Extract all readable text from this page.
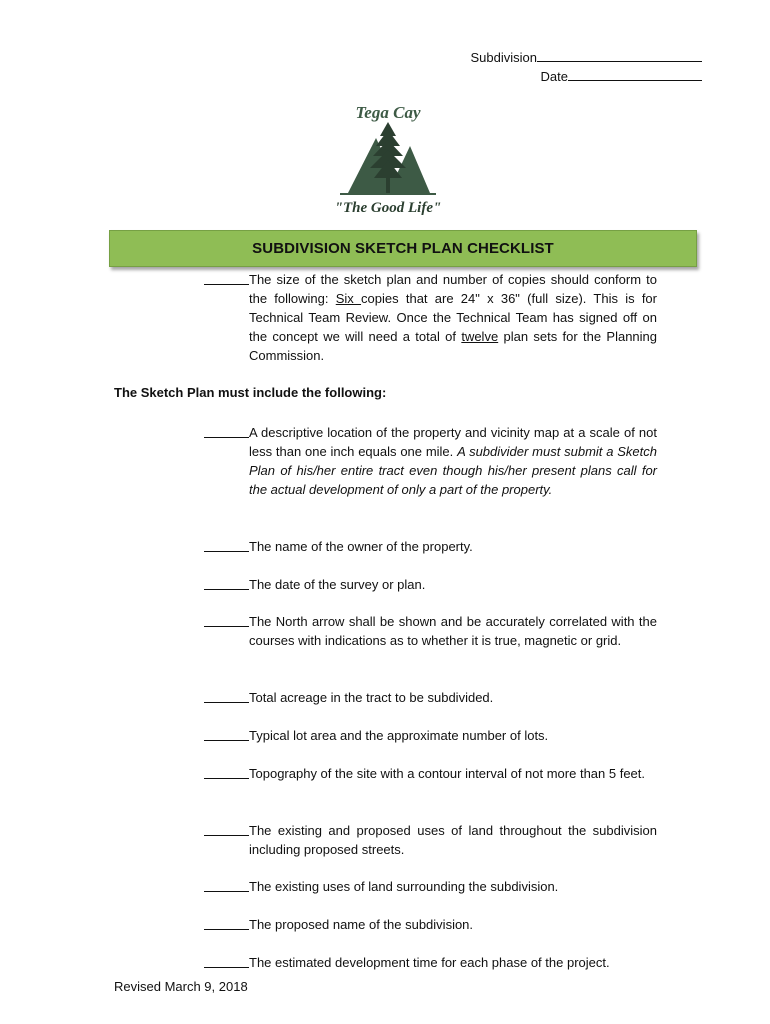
Subdivision
Date
Tega Cay
"The Good Life"
SUBDIVISION SKETCH PLAN CHECKLIST
The size of the sketch plan and number of copies should conform to the following: Six copies that are 24" x 36" (full size). This is for Technical Team Review. Once the Technical Team has signed off on the concept we will need a total of twelve plan sets for the Planning Commission.
The Sketch Plan must include the following:
A descriptive location of the property and vicinity map at a scale of not less than one inch equals one mile. A subdivider must submit a Sketch Plan of his/her entire tract even though his/her present plans call for the actual development of only a part of the property.
The name of the owner of the property.
The date of the survey or plan.
The North arrow shall be shown and be accurately correlated with the courses with indications as to whether it is true, magnetic or grid.
Total acreage in the tract to be subdivided.
Typical lot area and the approximate number of lots.
Topography of the site with a contour interval of not more than 5 feet.
The existing and proposed uses of land throughout the subdivision including proposed streets.
The existing uses of land surrounding the subdivision.
The proposed name of the subdivision.
The estimated development time for each phase of the project.
Revised March 9, 2018
